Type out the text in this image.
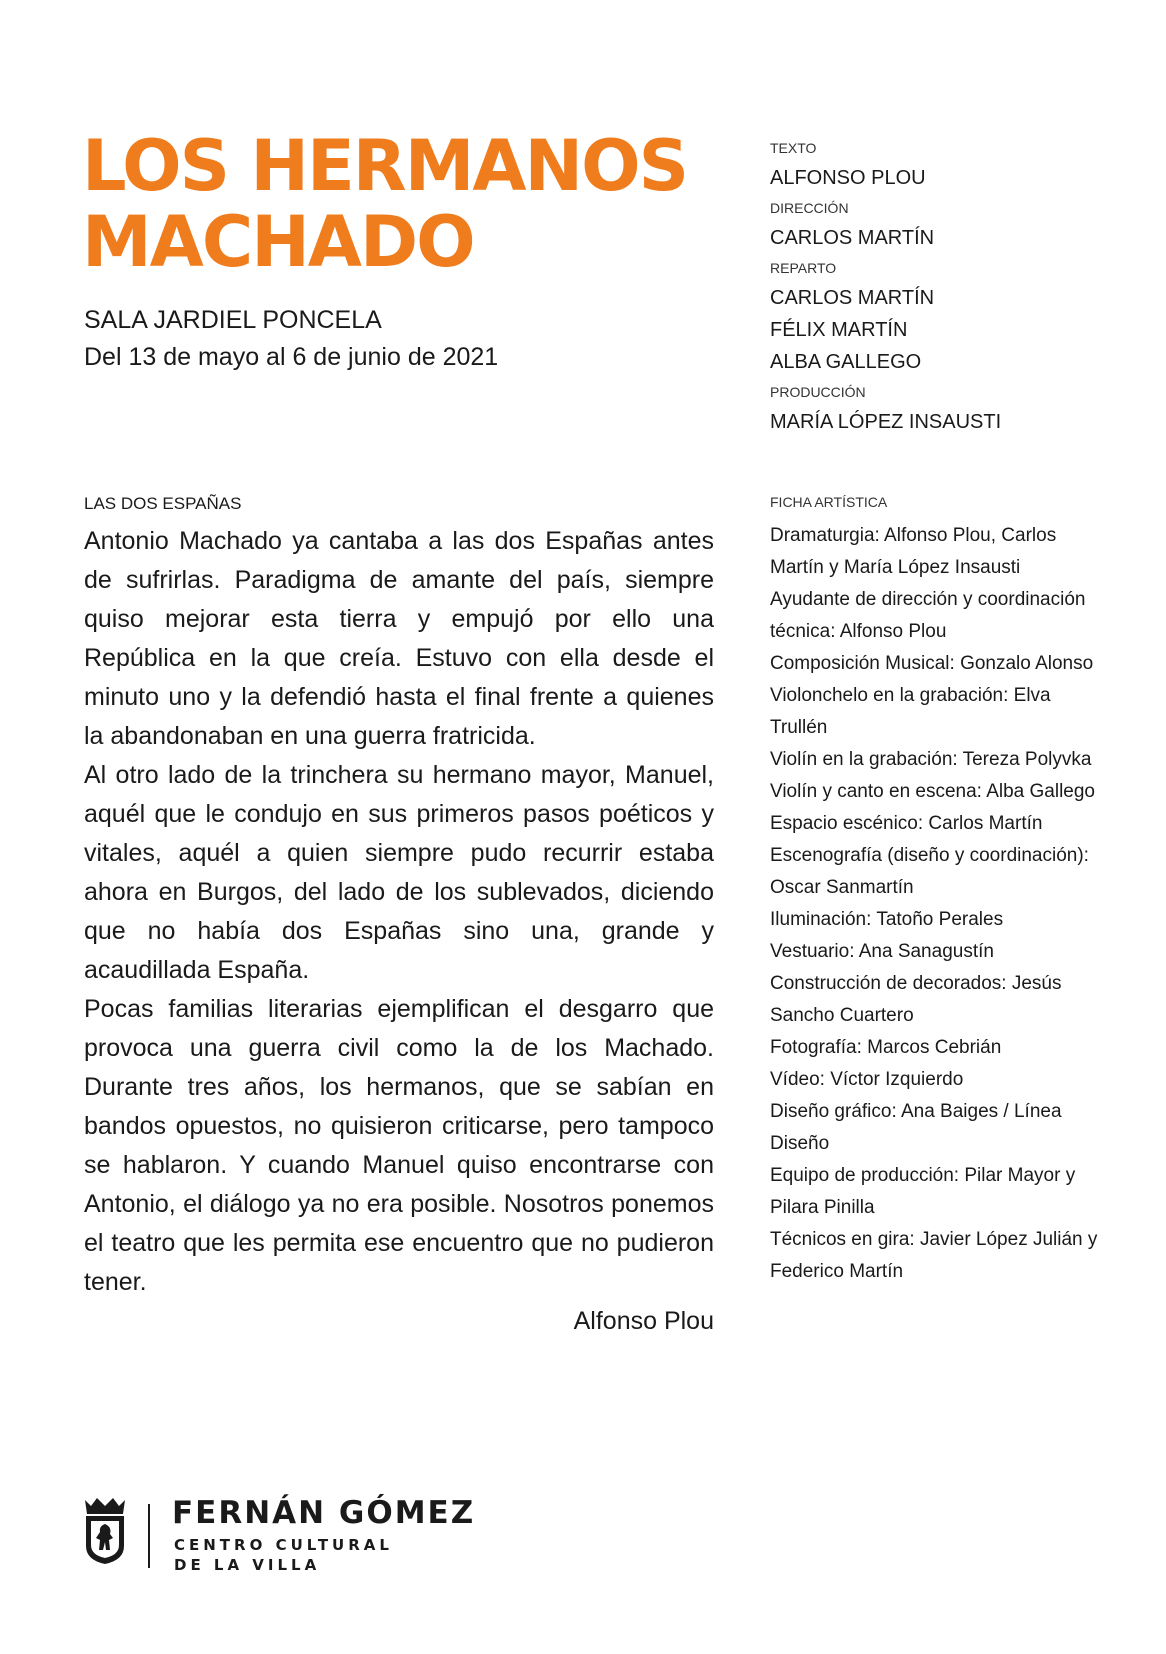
LOS HERMANOS
MACHADO
SALA JARDIEL PONCELA
Del 13 de mayo al 6 de junio de 2021
TEXTO
ALFONSO PLOU
DIRECCIÓN
CARLOS MARTÍN
REPARTO
CARLOS MARTÍN
FÉLIX MARTÍN
ALBA GALLEGO
PRODUCCIÓN
MARÍA LÓPEZ INSAUSTI
LAS DOS ESPAÑAS

Antonio Machado ya cantaba a las dos Españas antes de sufrirlas. Paradigma de amante del país, siempre quiso mejorar esta tierra y empujó por ello una República en la que creía. Estuvo con ella desde el minuto uno y la defendió hasta el final frente a quienes la abandonaban en una guerra fratricida.

Al otro lado de la trinchera su hermano mayor, Manuel, aquél que le condujo en sus primeros pasos poéticos y vitales, aquél a quien siempre pudo recurrir estaba ahora en Burgos, del lado de los sublevados, diciendo que no había dos Españas sino una, grande y acaudillada España.

Pocas familias literarias ejemplifican el desgarro que provoca una guerra civil como la de los Machado. Durante tres años, los hermanos, que se sabían en bandos opuestos, no quisieron criticarse, pero tampoco se hablaron. Y cuando Manuel quiso encontrarse con Antonio, el diálogo ya no era posible. Nosotros ponemos el teatro que les permita ese encuentro que no pudieron tener.

Alfonso Plou
FICHA ARTÍSTICA
Dramaturgia: Alfonso Plou, Carlos Martín y María López Insausti
Ayudante de dirección y coordinación técnica: Alfonso Plou
Composición Musical: Gonzalo Alonso
Violonchelo en la grabación: Elva Trullén
Violín en la grabación: Tereza Polyvka
Violín y canto en escena: Alba Gallego
Espacio escénico: Carlos Martín
Escenografía (diseño y coordinación): Oscar Sanmartín
Iluminación: Tatoño Perales
Vestuario: Ana Sanagustín
Construcción de decorados: Jesús Sancho Cuartero
Fotografía: Marcos Cebrián
Vídeo: Víctor Izquierdo
Diseño gráfico: Ana Baiges / Línea Diseño
Equipo de producción: Pilar Mayor y Pilara Pinilla
Técnicos en gira: Javier López Julián y Federico Martín
FERNÁN GÓMEZ
CENTRO CULTURAL
DE LA VILLA
